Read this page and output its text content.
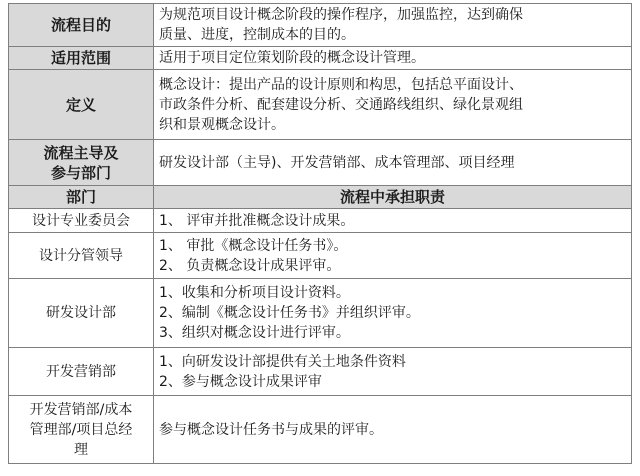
流程目的	为规范项目设计概念阶段的操作程序，加强监控，达到确保
质量、进度，控制成本的目的。

适用范围	适用于项目定位策划阶段的概念设计管理。

定义	概念设计：提出产品的设计原则和构思，包括总平面设计、
市政条件分析、配套建设分析、交通路线组织、绿化景观组
织和景观概念设计。

流程主导及
参与部门	研发设计部（主导)、开发营销部、成本管理部、项目经理

部门	流程中承担职责
设计专业委员会	1、 评审并批准概念设计成果。

设计分管领导	1、 审批《概念设计任务书》。
2、 负责概念设计成果评审。

研发设计部	1、收集和分析项目设计资料。
2、编制《概念设计任务书》并组织评审。
3、组织对概念设计进行评审。

开发营销部	1、向研发设计部提供有关土地条件资料
2、参与概念设计成果评审

开发营销部/成本
管理部/项目总经
理	参与概念设计任务书与成果的评审。
